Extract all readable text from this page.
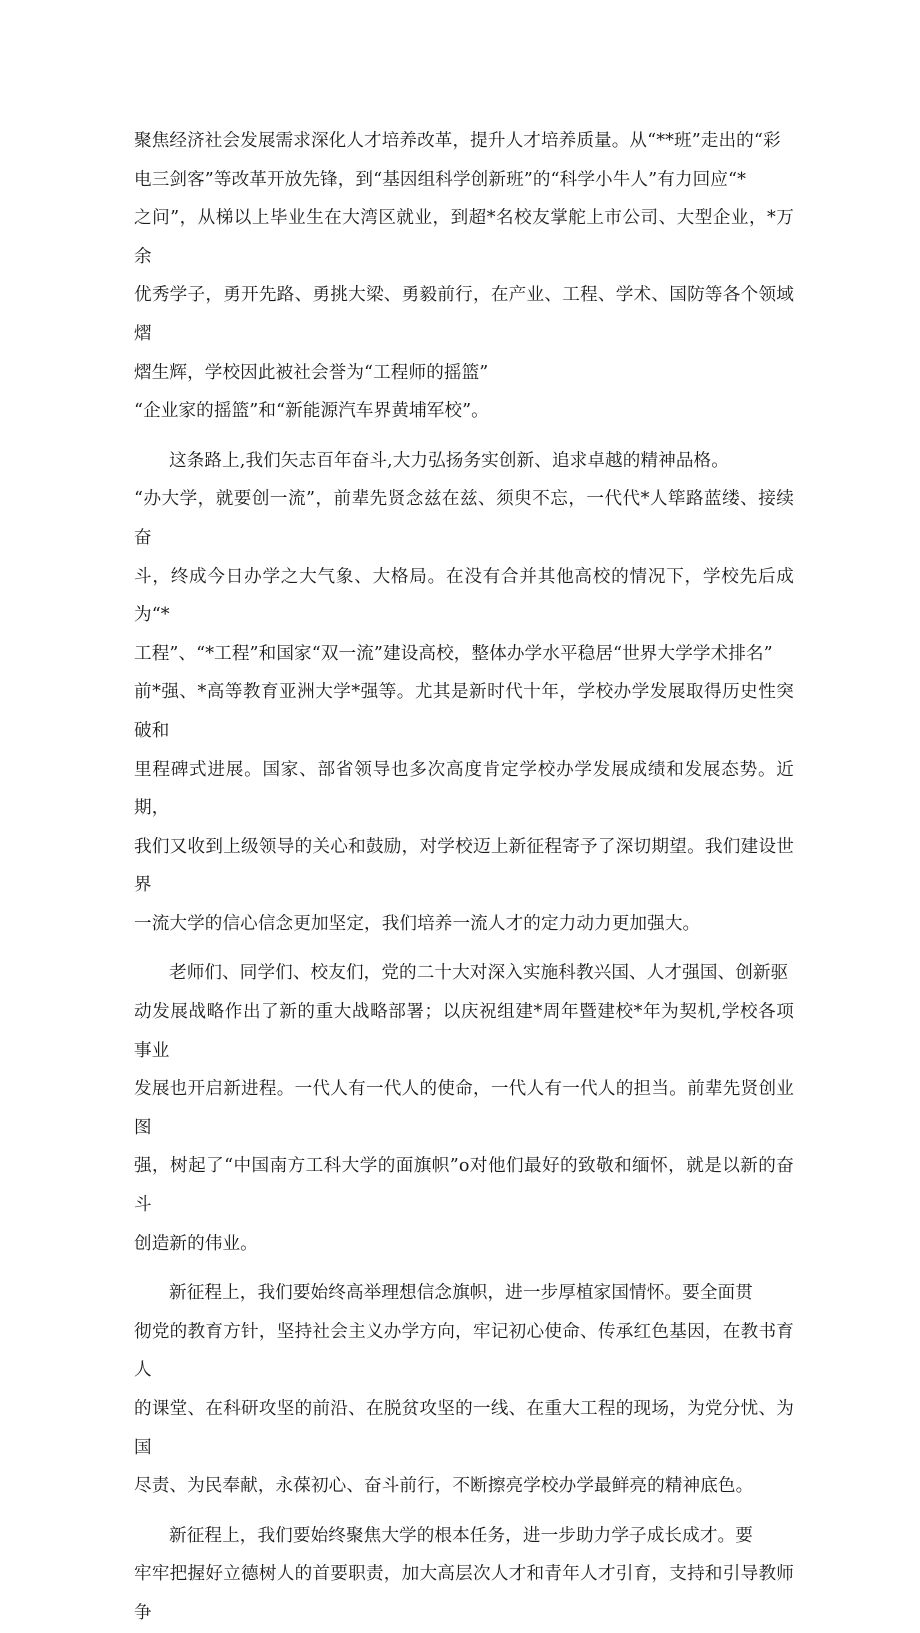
聚焦经济社会发展需求深化人才培养改革，提升人才培养质量。从“**班”走出的“彩
电三剑客”等改革开放先锋，到“基因组科学创新班”的“科学小牛人”有力回应“*
之问”，从梯以上毕业生在大湾区就业，到超*名校友掌舵上市公司、大型企业，*万余
优秀学子，勇开先路、勇挑大梁、勇毅前行，在产业、工程、学术、国防等各个领域熠
熠生辉，学校因此被社会誉为“工程师的摇篮”
“企业家的摇篮”和“新能源汽车界黄埔军校”。

这条路上,我们矢志百年奋斗,大力弘扬务实创新、追求卓越的精神品格。
“办大学，就要创一流”，前辈先贤念兹在兹、须臾不忘，一代代*人筚路蓝缕、接续奋
斗，终成今日办学之大气象、大格局。在没有合并其他高校的情况下，学校先后成为“*
工程”、“*工程”和国家“双一流”建设高校，整体办学水平稳居“世界大学学术排名”
前*强、*高等教育亚洲大学*强等。尤其是新时代十年，学校办学发展取得历史性突破和
里程碑式进展。国家、部省领导也多次高度肯定学校办学发展成绩和发展态势。近期，
我们又收到上级领导的关心和鼓励，对学校迈上新征程寄予了深切期望。我们建设世界
一流大学的信心信念更加坚定，我们培养一流人才的定力动力更加强大。

老师们、同学们、校友们，党的二十大对深入实施科教兴国、人才强国、创新驱
动发展战略作出了新的重大战略部署；以庆祝组建*周年暨建校*年为契机,学校各项事业
发展也开启新进程。一代人有一代人的使命，一代人有一代人的担当。前辈先贤创业图
强，树起了“中国南方工科大学的面旗帜”o对他们最好的致敬和缅怀，就是以新的奋斗
创造新的伟业。

新征程上，我们要始终高举理想信念旗帜，进一步厚植家国情怀。要全面贯
彻党的教育方针，坚持社会主义办学方向，牢记初心使命、传承红色基因，在教书育人
的课堂、在科研攻坚的前沿、在脱贫攻坚的一线、在重大工程的现场，为党分忧、为国
尽责、为民奉献，永葆初心、奋斗前行，不断擦亮学校办学最鲜亮的精神底色。

新征程上，我们要始终聚焦大学的根本任务，进一步助力学子成长成才。要
牢牢把握好立德树人的首要职责，加大高层次人才和青年人才引育，支持和引导教师争
